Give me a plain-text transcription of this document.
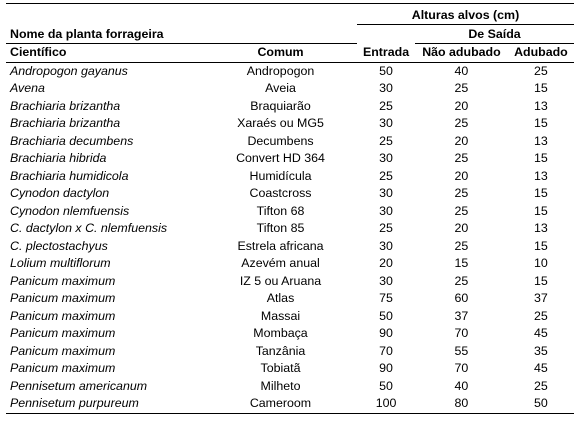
		Alturas alvos (cm)		
Nome da planta forrageira			De Saída	
Científico	Comum	Entrada	Não adubado	Adubado
Andropogon gayanus	Andropogon	50	40	25
Avena	Aveia	30	25	15
Brachiaria brizantha	Braquiarão	25	20	13
Brachiaria brizantha	Xaraés ou MG5	30	25	15
Brachiaria decumbens	Decumbens	25	20	13
Brachiaria hibrida	Convert HD 364	30	25	15
Brachiaria humidicola	Humidícula	25	20	13
Cynodon dactylon	Coastcross	30	25	15
Cynodon nlemfuensis	Tifton 68	30	25	15
C. dactylon x C. nlemfuensis	Tifton 85	25	20	13
C. plectostachyus	Estrela africana	30	25	15
Lolium multiflorum	Azevém anual	20	15	10
Panicum maximum	IZ 5 ou Aruana	30	25	15
Panicum maximum	Atlas	75	60	37
Panicum maximum	Massai	50	37	25
Panicum maximum	Mombaça	90	70	45
Panicum maximum	Tanzânia	70	55	35
Panicum maximum	Tobiatã	90	70	45
Pennisetum americanum	Milheto	50	40	25
Pennisetum purpureum	Cameroom	100	80	50
